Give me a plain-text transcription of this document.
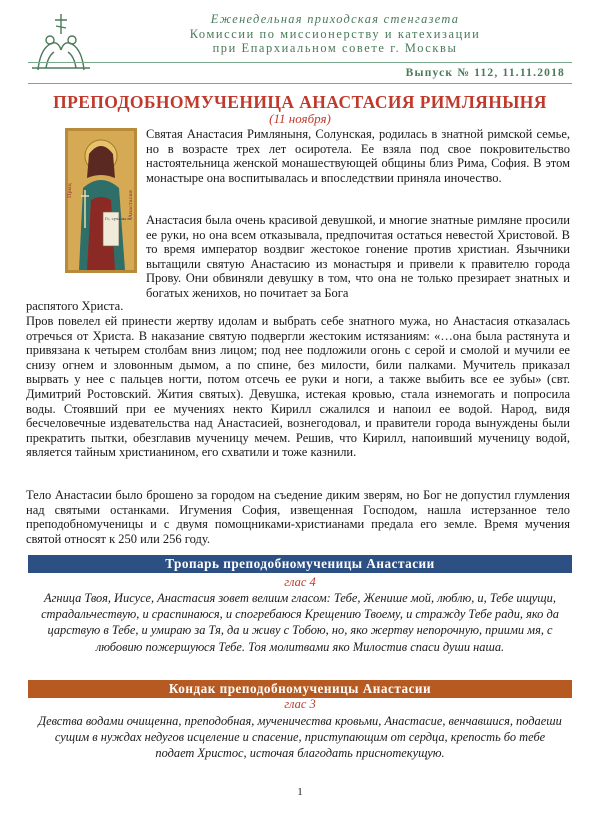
Еженедельная приходская стенгазета
Комиссии по миссионерству и катехизации
при Епархиальном совете г. Москвы
Выпуск № 112, 11.11.2018
ПРЕПОДОБНОМУЧЕНИЦА АНАСТАСИЯ РИМЛЯНЫНЯ
(11 ноября)
Прмц	Анастасия
Гс, сулѧ мѧ не
Святая Анастасия Римляныня, Солунская, родилась в знатной римской семье, но в возрасте трех лет осиротела. Ее взяла под свое покровительство настоятельница женской монашествующей общины близ Рима, София. В этом монастыре она воспитывалась и впоследствии приняла иночество.
Анастасия была очень красивой девушкой, и многие знатные римляне просили ее руки, но она всем отказывала, предпочитая остаться невестой Христовой. В то время император воздвиг жестокое гонение против христиан. Язычники вытащили святую Анастасию из монастыря и привели к правителю города Прову. Они обвиняли девушку в том, что она не только презирает знатных и богатых женихов, но почитает за Бога
распятого Христа.
Пров повелел ей принести жертву идолам и выбрать себе знатного мужа, но Анастасия отказалась отречься от Христа. В наказание святую подвергли жестоким истязаниям: «…она была растянута и привязана к четырем столбам вниз лицом; под нее подложили огонь с серой и смолой и мучили ее снизу огнем и зловонным дымом, а по спине, без милости, били палками. Мучитель приказал вырвать у нее с пальцев ногти, потом отсечь ее руки и ноги, а также выбить все ее зубы» (свт. Димитрий Ростовский. Жития святых). Девушка, истекая кровью, стала изнемогать и попросила воды. Стоявший при ее мучениях некто Кирилл сжалился и напоил ее водой. Народ, видя бесчеловечные издевательства над Анастасией, вознегодовал, и правители города вынуждены были прекратить пытки, обезглавив мученицу мечем. Решив, что Кирилл, напоивший мученицу водой, является тайным христианином, его схватили и тоже казнили.
Тело Анастасии было брошено за городом на съедение диким зверям, но Бог не допустил глумления над святыми останками. Игумения София, извещенная Господом, нашла истерзанное тело преподобномученицы и с двумя помощниками-христианами предала его земле. Время мучения святой относят к 250 или 256 году.
Тропарь преподобномученицы Анастасии
глас 4
Агница Твоя, Иисусе, Анастасия зовет велиим гласом: Тебе, Женише мой, люблю, и, Тебе ищущи, страдальчествую, и сраспинаюся, и спогребаюся Крещению Твоему, и стражду Тебе ради, яко да царствую в Тебе, и умираю за Тя, да и живу с Тобою, но, яко жертву непорочную, приими мя, с любовию пожершуюся Тебе. Тоя молитвами яко Милостив спаси души наша.
Кондак преподобномученицы Анастасии
глас 3
Девства водами очищенна, преподобная, мученичества кровьми, Анастасие, венчавшися, подаеши сущим в нуждах недугов исцеление и спасение, приступающим от сердца, крепость бо тебе подает Христос, источая благодать приснотекущую.
1
